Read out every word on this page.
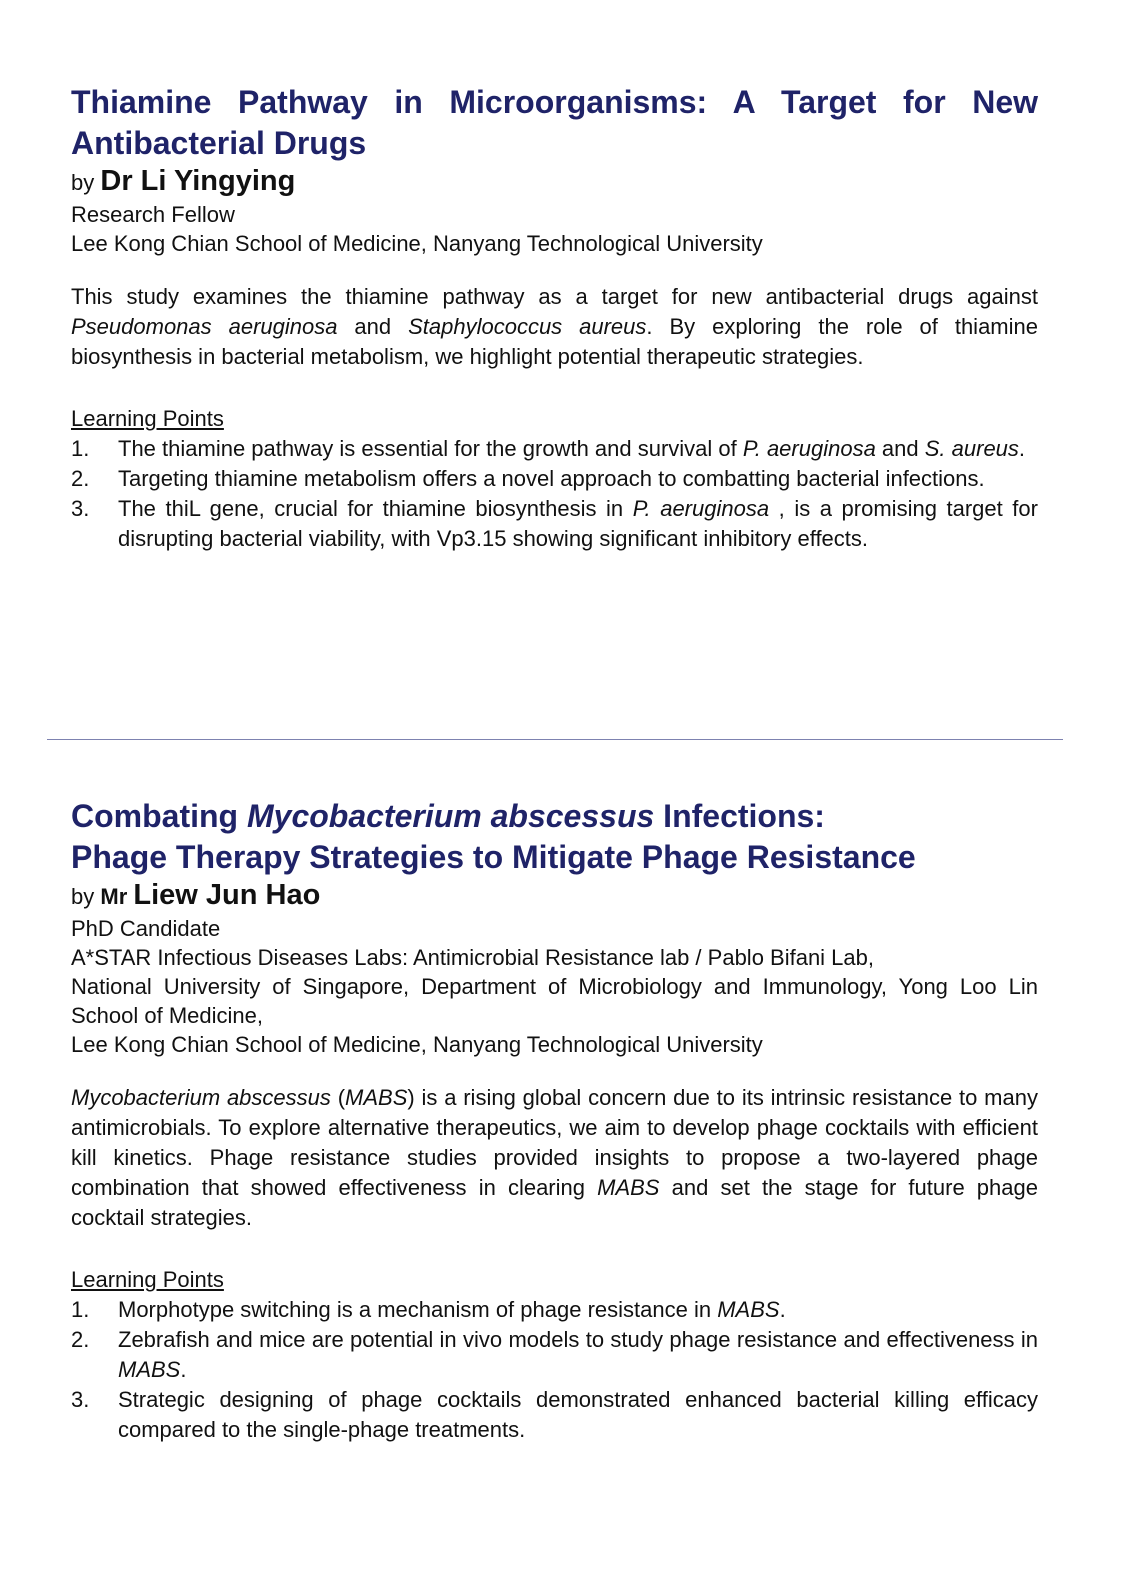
Thiamine Pathway in Microorganisms: A Target for New
Antibacterial Drugs

by Dr Li Yingying

Research Fellow

Lee Kong Chian School of Medicine, Nanyang Technological University

This study examines the thiamine pathway as a target for new antibacterial drugs against Pseudomonas aeruginosa and Staphylococcus aureus. By exploring the role of thiamine biosynthesis in bacterial metabolism, we highlight potential therapeutic strategies.

Learning Points

1. The thiamine pathway is essential for the growth and survival of P. aeruginosa and S. aureus.
2. Targeting thiamine metabolism offers a novel approach to combatting bacterial infections.
3. The thiL gene, crucial for thiamine biosynthesis in P. aeruginosa , is a promising target for disrupting bacterial viability, with Vp3.15 showing significant inhibitory effects.
Combating Mycobacterium abscessus Infections:
Phage Therapy Strategies to Mitigate Phage Resistance

by Mr Liew Jun Hao

PhD Candidate

A*STAR Infectious Diseases Labs: Antimicrobial Resistance lab / Pablo Bifani Lab,

National University of Singapore, Department of Microbiology and Immunology, Yong Loo Lin School of Medicine,

Lee Kong Chian School of Medicine, Nanyang Technological University

Mycobacterium abscessus (MABS) is a rising global concern due to its intrinsic resistance to many antimicrobials. To explore alternative therapeutics, we aim to develop phage cocktails with efficient kill kinetics. Phage resistance studies provided insights to propose a two-layered phage combination that showed effectiveness in clearing MABS and set the stage for future phage cocktail strategies.

Learning Points

1. Morphotype switching is a mechanism of phage resistance in MABS.
2. Zebrafish and mice are potential in vivo models to study phage resistance and effectiveness in MABS.
3. Strategic designing of phage cocktails demonstrated enhanced bacterial killing efficacy compared to the single-phage treatments.
